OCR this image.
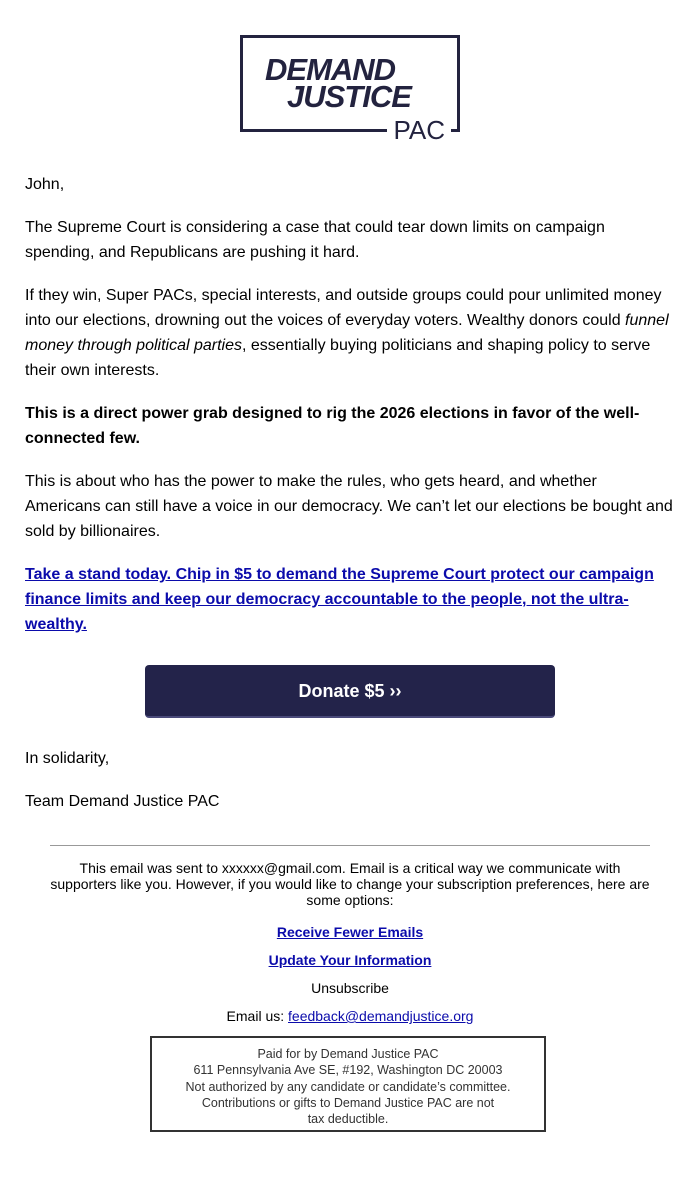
DEMAND
JUSTICE
PAC

John,

The Supreme Court is considering a case that could tear down limits on campaign spending, and Republicans are pushing it hard.

If they win, Super PACs, special interests, and outside groups could pour unlimited money into our elections, drowning out the voices of everyday voters. Wealthy donors could funnel money through political parties, essentially buying politicians and shaping policy to serve their own interests.

This is a direct power grab designed to rig the 2026 elections in favor of the well-connected few.

This is about who has the power to make the rules, who gets heard, and whether Americans can still have a voice in our democracy. We can’t let our elections be bought and sold by billionaires.

Take a stand today. Chip in $5 to demand the Supreme Court protect our campaign finance limits and keep our democracy accountable to the people, not the ultra-wealthy.

Donate $5 ››

In solidarity,

Team Demand Justice PAC

This email was sent to xxxxxx@gmail.com. Email is a critical way we communicate with supporters like you. However, if you would like to change your subscription preferences, here are some options:

Receive Fewer Emails

Update Your Information

Unsubscribe

Email us: feedback@demandjustice.org

Paid for by Demand Justice PAC
611 Pennsylvania Ave SE, #192, Washington DC 20003
Not authorized by any candidate or candidate’s committee.
Contributions or gifts to Demand Justice PAC are not tax deductible.
